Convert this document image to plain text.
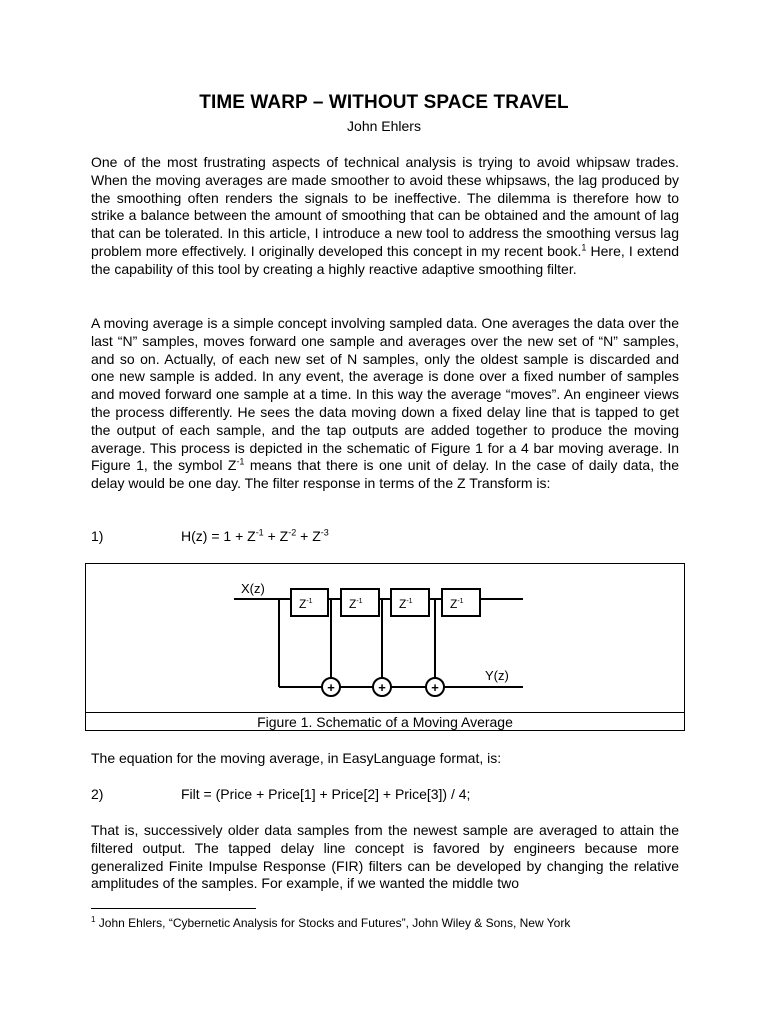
TIME WARP – WITHOUT SPACE TRAVEL
John Ehlers

One of the most frustrating aspects of technical analysis is trying to avoid whipsaw trades. When the moving averages are made smoother to avoid these whipsaws, the lag produced by the smoothing often renders the signals to be ineffective. The dilemma is therefore how to strike a balance between the amount of smoothing that can be obtained and the amount of lag that can be tolerated. In this article, I introduce a new tool to address the smoothing versus lag problem more effectively. I originally developed this concept in my recent book.$^1$ Here, I extend the capability of this tool by creating a highly reactive adaptive smoothing filter.

A moving average is a simple concept involving sampled data. One averages the data over the last “N” samples, moves forward one sample and averages over the new set of “N” samples, and so on. Actually, of each new set of N samples, only the oldest sample is discarded and one new sample is added. In any event, the average is done over a fixed number of samples and moved forward one sample at a time. In this way the average “moves”. An engineer views the process differently. He sees the data moving down a fixed delay line that is tapped to get the output of each sample, and the tap outputs are added together to produce the moving average. This process is depicted in the schematic of Figure 1 for a 4 bar moving average. In Figure 1, the symbol $Z^{-1}$ means that there is one unit of delay. In the case of daily data, the delay would be one day. The filter response in terms of the Z Transform is:

1)	$H(z) = 1 + Z^{-1} + Z^{-2} + Z^{-3}$
X(z)
Y(z)
$Z^{-1}$	$Z^{-1}$	$Z^{-1}$	$Z^{-1}$
+	+	+
Figure 1. Schematic of a Moving Average

The equation for the moving average, in EasyLanguage format, is:

2)	Filt = (Price + Price[1] + Price[2] + Price[3]) / 4;

That is, successively older data samples from the newest sample are averaged to attain the filtered output. The tapped delay line concept is favored by engineers because more generalized Finite Impulse Response (FIR) filters can be developed by changing the relative amplitudes of the samples. For example, if we wanted the middle two

$^1$ John Ehlers, “Cybernetic Analysis for Stocks and Futures”, John Wiley & Sons, New York
